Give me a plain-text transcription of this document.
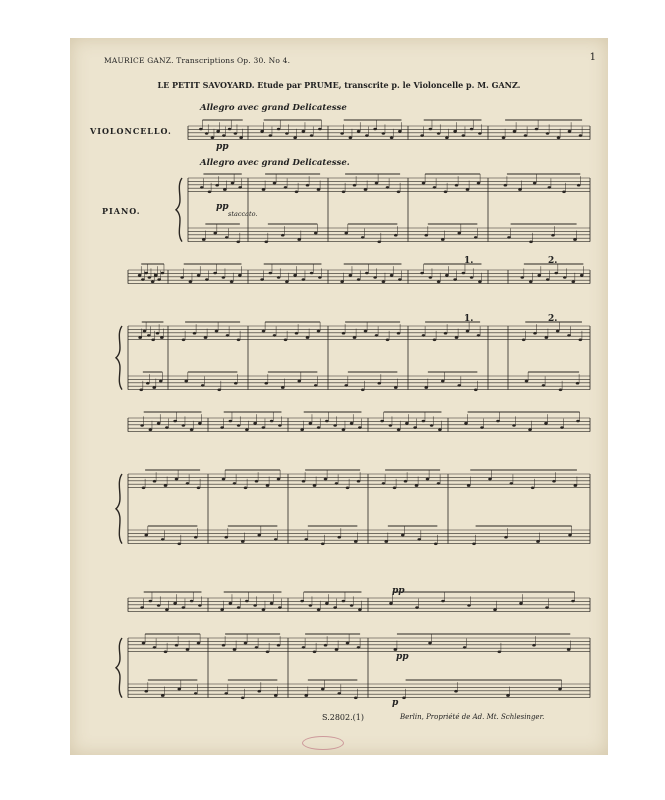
MAURICE GANZ. Transcriptions Op. 30. No 4.	1
LE PETIT SAVOYARD. Etude par PRUME, transcrite p. le Violoncelle p. M. GANZ.
Allegro avec grand Delicatesse
Allegro avec grand Delicatesse.
VIOLONCELLO.
PIANO.
pp
pp
staccato.
1.	2.
1.	2.
pp
pp
p
S.2802.(1)	Berlin, Propriété de Ad. Mt. Schlesinger.
